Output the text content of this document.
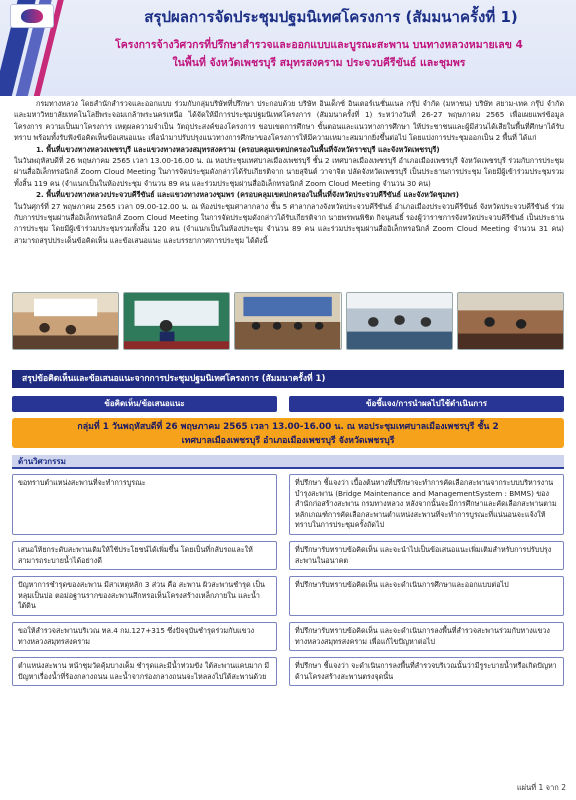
สรุปผลการจัดประชุมปฐมนิเทศโครงการ (สัมมนาครั้งที่ 1)
โครงการจ้างวิศวกรที่ปรึกษาสำรวจและออกแบบและบูรณะสะพาน บนทางหลวงหมายเลข 4
ในพื้นที่ จังหวัดเพชรบุรี สมุทรสงคราม ประจวบคีรีขันธ์ และชุมพร

กรมทางหลวง โดยสำนักสำรวจและออกแบบ ร่วมกับกลุ่มบริษัทที่ปรึกษา ประกอบด้วย บริษัท อินเด็กซ์ อินเตอร์เนชั่นแนล กรุ๊ป จำกัด (มหาชน) บริษัท สยาม-เทค กรุ๊ป จำกัด และมหาวิทยาลัยเทคโนโลยีพระจอมเกล้าพระนครเหนือ ได้จัดให้มีการประชุมปฐมนิเทศโครงการ (สัมมนาครั้งที่ 1) ระหว่างวันที่ 26-27 พฤษภาคม 2565 เพื่อเผยแพร่ข้อมูลโครงการ ความเป็นมาโครงการ เหตุผลความจำเป็น วัตถุประสงค์ของโครงการ ขอบเขตการศึกษา ขั้นตอนและแนวทางการศึกษา ให้ประชาชนและผู้มีส่วนได้เสียในพื้นที่ศึกษาได้รับทราบ พร้อมทั้งรับฟังข้อคิดเห็นข้อเสนอแนะ เพื่อนำมาปรับปรุงแนวทางการศึกษาของโครงการให้มีความเหมาะสมมากยิ่งขึ้นต่อไป โดยแบ่งการประชุมออกเป็น 2 พื้นที่ ได้แก่

1. พื้นที่แขวงทางหลวงเพชรบุรี และแขวงทางหลวงสมุทรสงคราม (ครอบคลุมเขตปกครองในพื้นที่จังหวัดราชบุรี และจังหวัดเพชรบุรี)

ในวันพฤหัสบดีที่ 26 พฤษภาคม 2565 เวลา 13.00-16.00 น. ณ หอประชุมเทศบาลเมืองเพชรบุรี ชั้น 2 เทศบาลเมืองเพชรบุรี อำเภอเมืองเพชรบุรี จังหวัดเพชรบุรี ร่วมกับการประชุมผ่านสื่ออิเล็กทรอนิกส์ Zoom Cloud Meeting ในการจัดประชุมดังกล่าวได้รับเกียรติจาก นายสุจินต์ วาจาจิต ปลัดจังหวัดเพชรบุรี เป็นประธานการประชุม โดยมีผู้เข้าร่วมประชุมรวมทั้งสิ้น 119 คน (จำแนกเป็นในห้องประชุม จำนวน 89 คน และร่วมประชุมผ่านสื่ออิเล็กทรอนิกส์ Zoom Cloud Meeting จำนวน 30 คน)

2. พื้นที่แขวงทางหลวงประจวบคีรีขันธ์ และแขวงทางหลวงชุมพร (ครอบคลุมเขตปกครองในพื้นที่จังหวัดประจวบคีรีขันธ์ และจังหวัดชุมพร)

ในวันศุกร์ที่ 27 พฤษภาคม 2565 เวลา 09.00-12.00 น. ณ ห้องประชุมศาลากลาง ชั้น 5 ศาลากลางจังหวัดประจวบคีรีขันธ์ อำเภอเมืองประจวบคีรีขันธ์ จังหวัดประจวบคีรีขันธ์ ร่วมกับการประชุมผ่านสื่ออิเล็กทรอนิกส์ Zoom Cloud Meeting ในการจัดประชุมดังกล่าวได้รับเกียรติจาก นายพรพนพิชิต กิจนุสนธิ์ รองผู้ว่าราชการจังหวัดประจวบคีรีขันธ์ เป็นประธานการประชุม โดยมีผู้เข้าร่วมประชุมรวมทั้งสิ้น 120 คน (จำแนกเป็นในห้องประชุม จำนวน 89 คน และร่วมประชุมผ่านสื่ออิเล็กทรอนิกส์ Zoom Cloud Meeting จำนวน 31 คน) สามารถสรุปประเด็นข้อคิดเห็น และข้อเสนอแนะ และบรรยากาศการประชุม ได้ดังนี้

สรุปข้อคิดเห็นและข้อเสนอแนะจากการประชุมปฐมนิเทศโครงการ (สัมมนาครั้งที่ 1)
ข้อคิดเห็น/ข้อเสนอแนะ	ข้อชี้แจง/การนำผลไปใช้ดำเนินการ
กลุ่มที่ 1 วันพฤหัสบดีที่ 26 พฤษภาคม 2565 เวลา 13.00-16.00 น. ณ หอประชุมเทศบาลเมืองเพชรบุรี ชั้น 2
เทศบาลเมืองเพชรบุรี อำเภอเมืองเพชรบุรี จังหวัดเพชรบุรี
ด้านวิศวกรรม
ขอทราบตำแหน่งสะพานที่จะทำการบูรณะ	ที่ปรึกษา ชี้แจงว่า เบื้องต้นทางที่ปรึกษาจะทำการคัดเลือกสะพานจากระบบบริหารงานบำรุงสะพาน (Bridge Maintenance and ManagementSystem : BMMS) ของสำนักก่อสร้างสะพาน กรมทางหลวง หลังจากนั้นจะมีการศึกษาและคัดเลือกสะพานตามหลักเกณฑ์การคัดเลือกสะพานตำแหน่งสะพานที่จะทำการบูรณะที่แน่นอนจะแจ้งให้ทราบในการประชุมครั้งถัดไป
เสนอให้ยกระดับสะพานเดิมให้ใช้ประโยชน์ได้เพิ่มขึ้น โดยเป็นที่กลับรถและให้สามารถระบายน้ำได้อย่างดี
ที่ปรึกษารับทราบข้อคิดเห็น และจะนำไปเป็นข้อเสนอแนะเพิ่มเติมสำหรับการปรับปรุงสะพานในอนาคต
ปัญหาการชำรุดของสะพาน มีสาเหตุหลัก 3 ส่วน คือ สะพาน ผิวสะพานชำรุด เป็นหลุมเป็นบ่อ ตอม่อฐานรากของสะพานสึกหรอเห็นโครงสร้างเหล็กภายใน และน้ำใต้ดิน
ที่ปรึกษารับทราบข้อคิดเห็น และจะดำเนินการศึกษาและออกแบบต่อไป
ขอให้สำรวจสะพานบริเวณ ทล.4 กม.127+315 ซึ่งปัจจุบันชำรุดร่วมกับแขวงทางหลวงสมุทรสงคราม
ที่ปรึกษารับทราบข้อคิดเห็น และจะดำเนินการลงพื้นที่สำรวจสะพานร่วมกับทางแขวงทางหลวงสมุทรสงคราม เพื่อแก้ไขปัญหาต่อไป
ตำแหน่งสะพาน หน้าชุมวัดคุ้มบางเค็ม ชำรุดและมีน้ำท่วมขัง ใต้สะพานแคบมาก มีปัญหาเรื่องน้ำที่ร้องกลางถนน และน้ำจากร่องกลางถนนจะไหลลงไปใต้สะพานด้วย
ที่ปรึกษา ชี้แจงว่า จะดำเนินการลงพื้นที่สำรวจบริเวณนั้นว่ามีรูระบายน้ำหรือเกิดปัญหาด้านโครงสร้างสะพานตรงจุดนั้น
แผ่นที่ 1 จาก 2
